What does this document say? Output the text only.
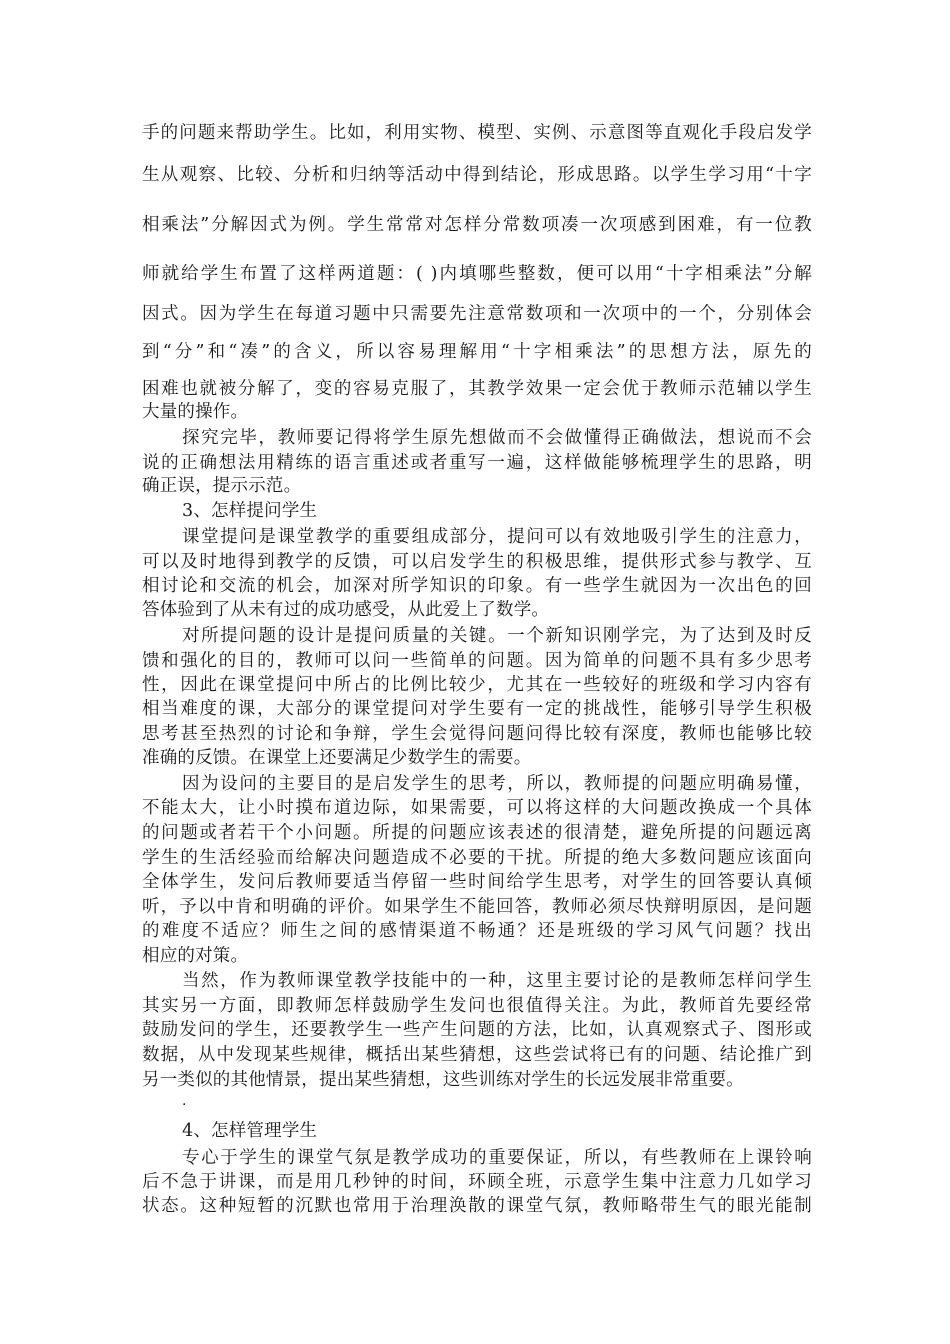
手的问题来帮助学生。比如，利用实物、模型、实例、示意图等直观化手段启发学
生从观察、比较、分析和归纳等活动中得到结论，形成思路。以学生学习用“十字
相乘法”分解因式为例。学生常常对怎样分常数项凑一次项感到困难，有一位教
师就给学生布置了这样两道题：( )内填哪些整数，便可以用“十字相乘法”分解
因式。因为学生在每道习题中只需要先注意常数项和一次项中的一个，分别体会
到“分”和“凑”的含义，所以容易理解用“十字相乘法”的思想方法，原先的
困难也就被分解了，变的容易克服了，其教学效果一定会优于教师示范辅以学生
大量的操作。
探究完毕，教师要记得将学生原先想做而不会做懂得正确做法，想说而不会
说的正确想法用精练的语言重述或者重写一遍，这样做能够梳理学生的思路，明
确正误，提示示范。
3、怎样提问学生
课堂提问是课堂教学的重要组成部分，提问可以有效地吸引学生的注意力，
可以及时地得到教学的反馈，可以启发学生的积极思维，提供形式参与教学、互
相讨论和交流的机会，加深对所学知识的印象。有一些学生就因为一次出色的回
答体验到了从未有过的成功感受，从此爱上了数学。
对所提问题的设计是提问质量的关键。一个新知识刚学完，为了达到及时反
馈和强化的目的，教师可以问一些简单的问题。因为简单的问题不具有多少思考
性，因此在课堂提问中所占的比例比较少，尤其在一些较好的班级和学习内容有
相当难度的课，大部分的课堂提问对学生要有一定的挑战性，能够引导学生积极
思考甚至热烈的讨论和争辩，学生会觉得问题问得比较有深度，教师也能够比较
准确的反馈。在课堂上还要满足少数学生的需要。
因为设问的主要目的是启发学生的思考，所以，教师提的问题应明确易懂，
不能太大，让小时摸布道边际，如果需要，可以将这样的大问题改换成一个具体
的问题或者若干个小问题。所提的问题应该表述的很清楚，避免所提的问题远离
学生的生活经验而给解决问题造成不必要的干扰。所提的绝大多数问题应该面向
全体学生，发问后教师要适当停留一些时间给学生思考，对学生的回答要认真倾
听，予以中肯和明确的评价。如果学生不能回答，教师必须尽快辩明原因，是问题
的难度不适应？师生之间的感情渠道不畅通？还是班级的学习风气问题？找出
相应的对策。
当然，作为教师课堂教学技能中的一种，这里主要讨论的是教师怎样问学生
其实另一方面，即教师怎样鼓励学生发问也很值得关注。为此，教师首先要经常
鼓励发问的学生，还要教学生一些产生问题的方法，比如，认真观察式子、图形或
数据，从中发现某些规律，概括出某些猜想，这些尝试将已有的问题、结论推广到
另一类似的其他情景，提出某些猜想，这些训练对学生的长远发展非常重要。
·
4、怎样管理学生
专心于学生的课堂气氛是教学成功的重要保证，所以，有些教师在上课铃响
后不急于讲课，而是用几秒钟的时间，环顾全班，示意学生集中注意力几如学习
状态。这种短暂的沉默也常用于治理涣散的课堂气氛，教师略带生气的眼光能制
